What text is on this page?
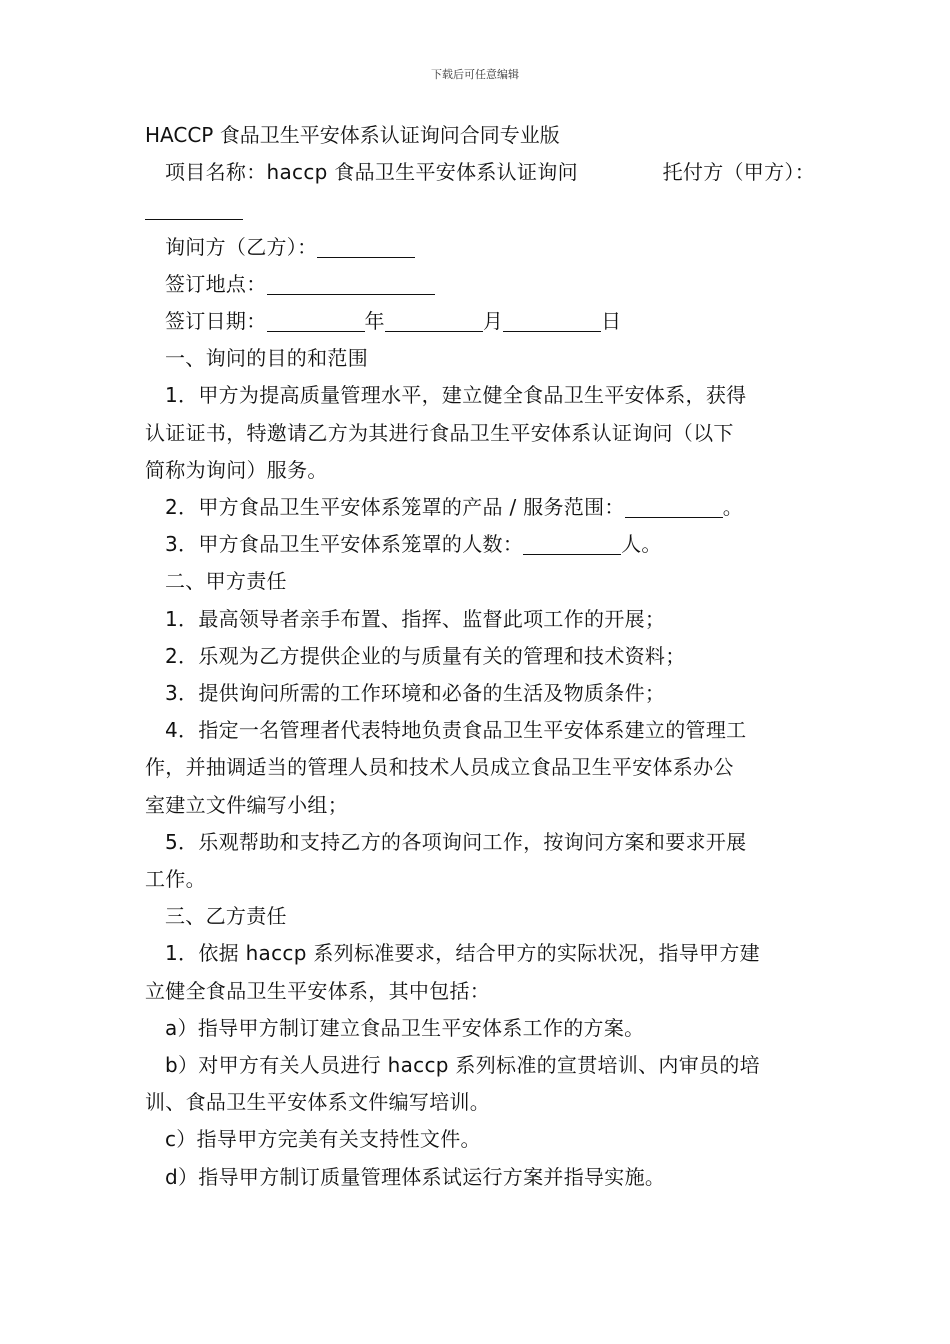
下载后可任意编辑

HACCP 食品卫生平安体系认证询问合同专业版

项目名称：haccp 食品卫生平安体系认证询问	托付方（甲方）：

询问方（乙方）：

签订地点：

签订日期：	年	月	日

一、询问的目的和范围

1．甲方为提高质量管理水平，建立健全食品卫生平安体系，获得

认证证书，特邀请乙方为其进行食品卫生平安体系认证询问（以下

简称为询问）服务。

2．甲方食品卫生平安体系笼罩的产品 / 服务范围：	。

3．甲方食品卫生平安体系笼罩的人数：	人。

二、甲方责任

1．最高领导者亲手布置、指挥、监督此项工作的开展；

2．乐观为乙方提供企业的与质量有关的管理和技术资料；

3．提供询问所需的工作环境和必备的生活及物质条件；

4．指定一名管理者代表特地负责食品卫生平安体系建立的管理工

作，并抽调适当的管理人员和技术人员成立食品卫生平安体系办公

室建立文件编写小组；

5．乐观帮助和支持乙方的各项询问工作，按询问方案和要求开展

工作。

三、乙方责任

1．依据 haccp 系列标准要求，结合甲方的实际状况，指导甲方建

立健全食品卫生平安体系，其中包括：

a）指导甲方制订建立食品卫生平安体系工作的方案。

b）对甲方有关人员进行 haccp 系列标准的宣贯培训、内审员的培

训、食品卫生平安体系文件编写培训。

c）指导甲方完美有关支持性文件。

d）指导甲方制订质量管理体系试运行方案并指导实施。
